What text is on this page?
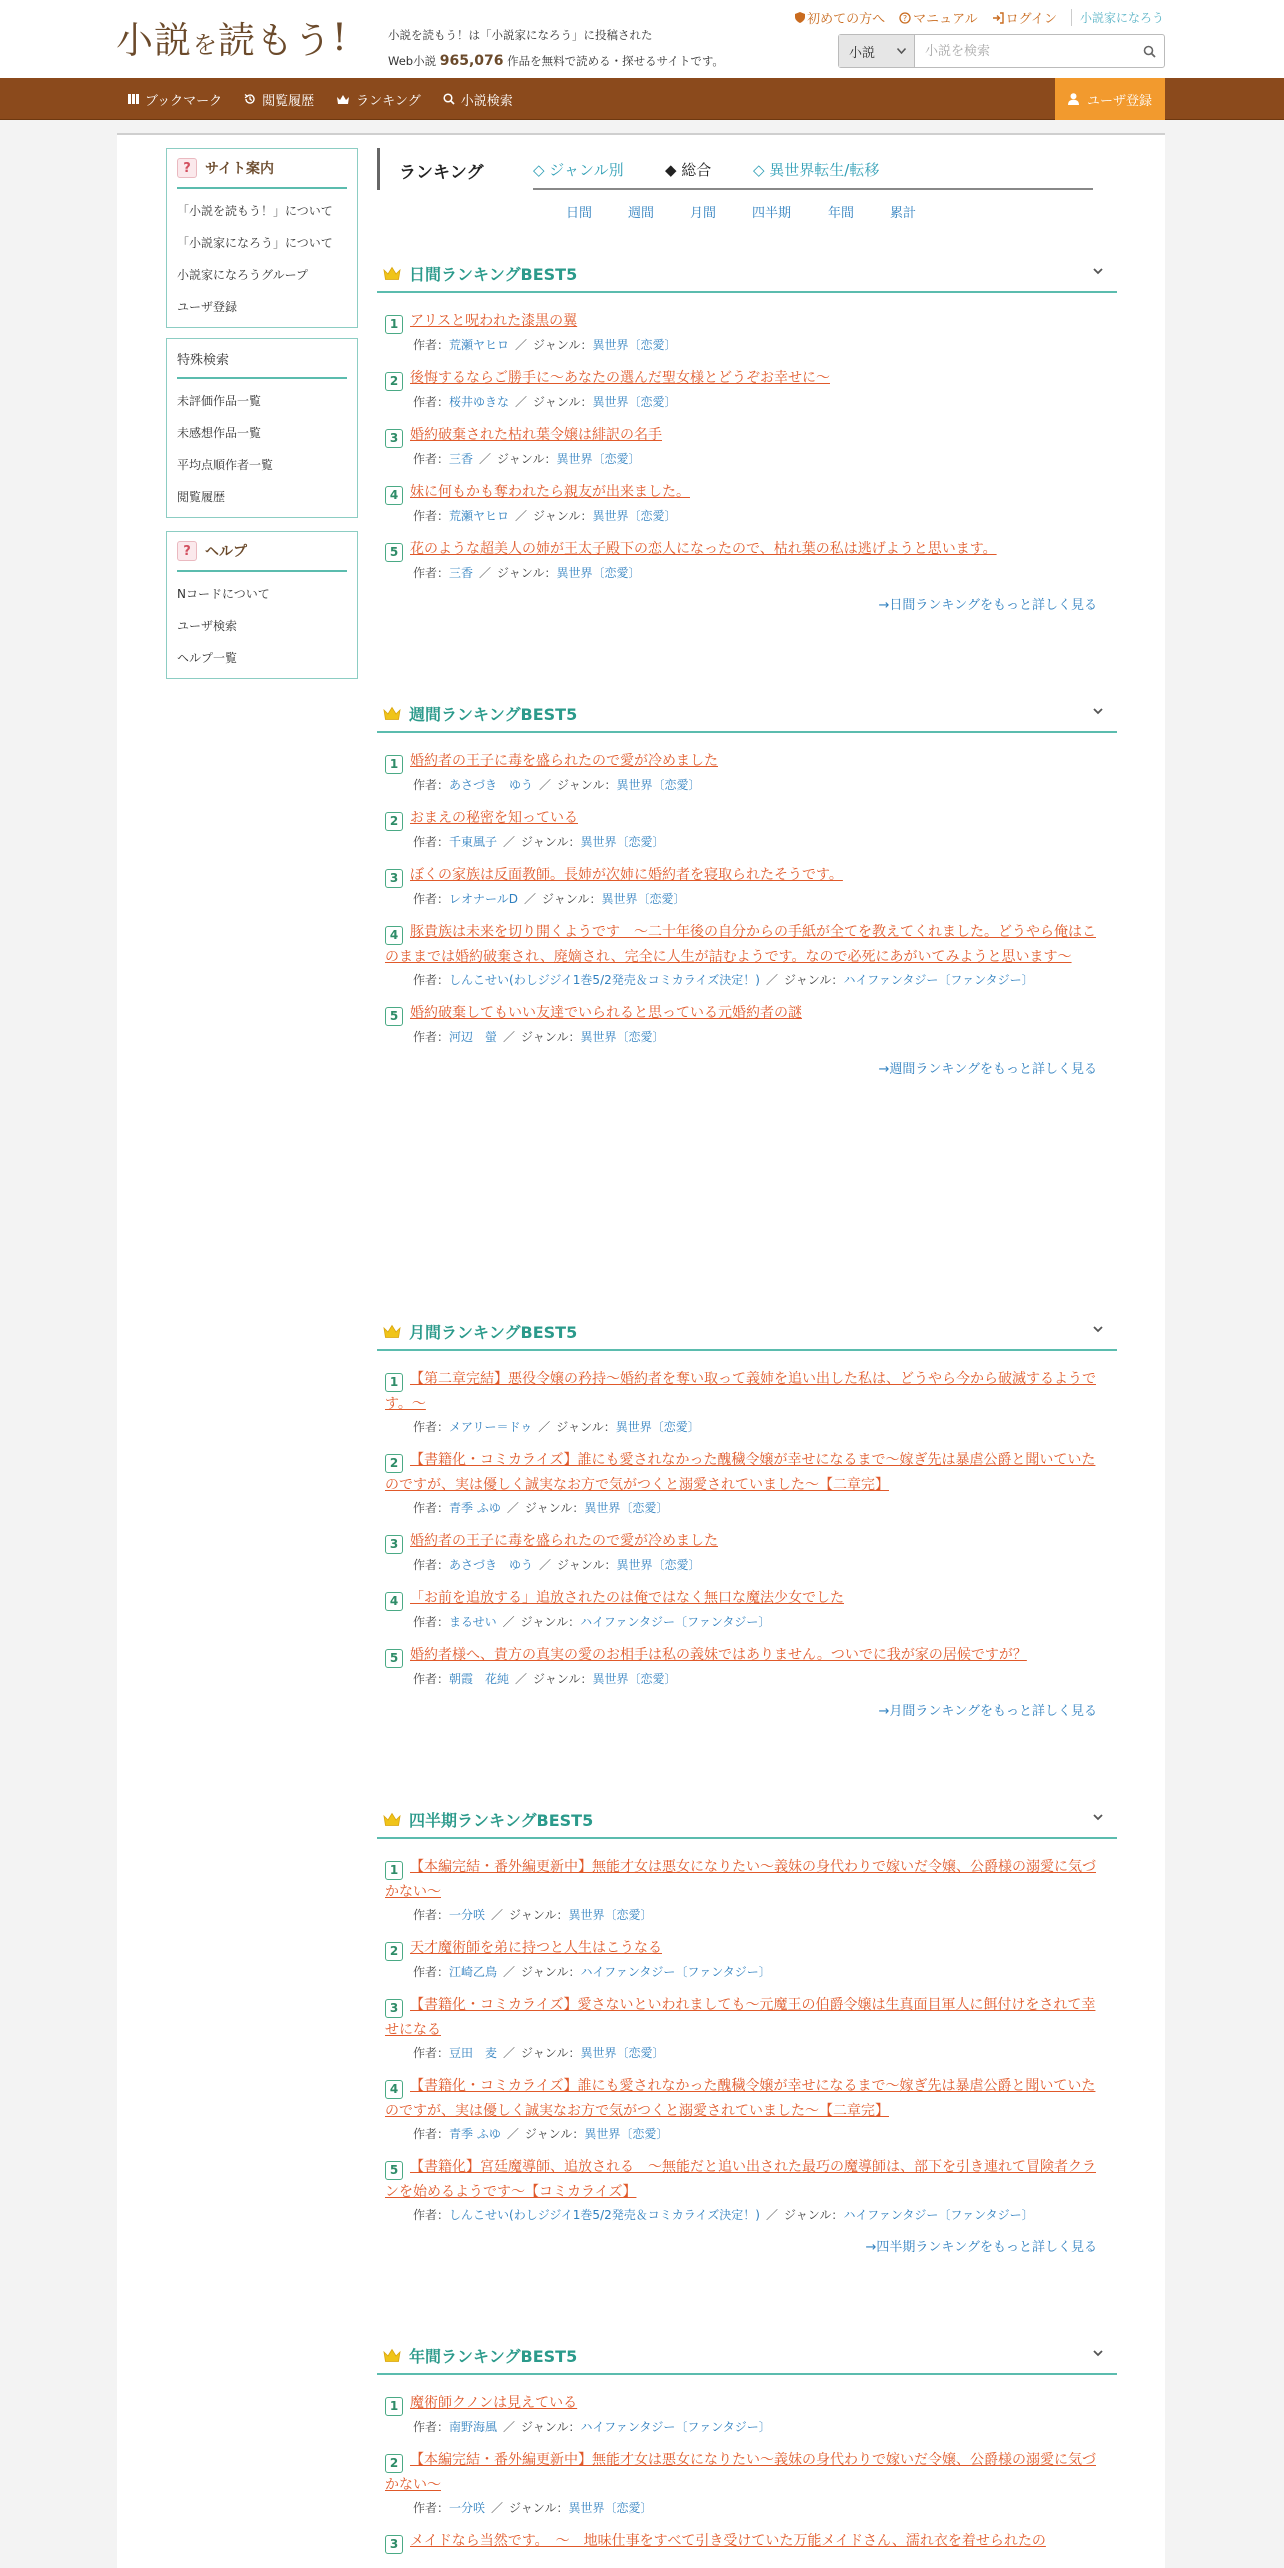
小説 を 読もう !	小説を読もう！は「小説家になろう」に投稿された
Web小説 965,076 作品を無料で読める・探せるサイトです。
初めての方へ ? マニュアル ログイン 小説家になろう
小説
小説を検索
ブックマーク	閲覧履歴	ランキング	小説検索	ユーザ登録
?	サイト案内
「小説を読もう！」について
「小説家になろう」について
小説家になろうグループ
ユーザ登録
特殊検索
未評価作品一覧
未感想作品一覧
平均点順作者一覧
閲覧履歴
?	ヘルプ
Nコードについて
ユーザ検索
ヘルプ一覧
ランキング	◇ ジャンル別	◆ 総合	◇ 異世界転生/転移
日間	週間	月間	四半期	年間	累計
日間ランキングBEST5
1 アリスと呪われた漆黒の翼
作者：荒瀬ヤヒロ ／ ジャンル：異世界〔恋愛〕
2 後悔するならご勝手に～あなたの選んだ聖女様とどうぞお幸せに～
作者：桜井ゆきな ／ ジャンル：異世界〔恋愛〕
3 婚約破棄された枯れ葉令嬢は緋訳の名手
作者：三香 ／ ジャンル：異世界〔恋愛〕
4 妹に何もかも奪われたら親友が出来ました。
作者：荒瀬ヤヒロ ／ ジャンル：異世界〔恋愛〕
5 花のような超美人の姉が王太子殿下の恋人になったので、枯れ葉の私は逃げようと思います。
作者：三香 ／ ジャンル：異世界〔恋愛〕
→日間ランキングをもっと詳しく見る
週間ランキングBEST5
1 婚約者の王子に毒を盛られたので愛が冷めました
作者：あさづき　ゆう ／ ジャンル：異世界〔恋愛〕
2 おまえの秘密を知っている
作者：千東風子 ／ ジャンル：異世界〔恋愛〕
3 ぼくの家族は反面教師。長姉が次姉に婚約者を寝取られたそうです。
作者：レオナールD ／ ジャンル：異世界〔恋愛〕
4 豚貴族は未来を切り開くようです　～二十年後の自分からの手紙が全てを教えてくれました。どうやら俺はこのままでは婚約破棄され、廃嫡され、完全に人生が詰むようです。なので必死にあがいてみようと思います～
作者：しんこせい(わしジジイ1巻5/2発売＆コミカライズ決定！) ／ ジャンル：ハイファンタジー〔ファンタジー〕
5 婚約破棄してもいい友達でいられると思っている元婚約者の謎
作者：河辺　螢 ／ ジャンル：異世界〔恋愛〕
→週間ランキングをもっと詳しく見る
月間ランキングBEST5
1 【第二章完結】悪役令嬢の矜持〜婚約者を奪い取って義姉を追い出した私は、どうやら今から破滅するようです。〜
作者：メアリー＝ドゥ ／ ジャンル：異世界〔恋愛〕
2 【書籍化・コミカライズ】誰にも愛されなかった醜穢令嬢が幸せになるまで〜嫁ぎ先は暴虐公爵と聞いていたのですが、実は優しく誠実なお方で気がつくと溺愛されていました〜【二章完】
作者：青季 ふゆ ／ ジャンル：異世界〔恋愛〕
3 婚約者の王子に毒を盛られたので愛が冷めました
作者：あさづき　ゆう ／ ジャンル：異世界〔恋愛〕
4 「お前を追放する」追放されたのは俺ではなく無口な魔法少女でした
作者：まるせい ／ ジャンル：ハイファンタジー〔ファンタジー〕
5 婚約者様へ、貴方の真実の愛のお相手は私の義妹ではありません。ついでに我が家の居候ですが？
作者：朝霞　花純 ／ ジャンル：異世界〔恋愛〕
→月間ランキングをもっと詳しく見る
四半期ランキングBEST5
1 【本編完結・番外編更新中】無能才女は悪女になりたい～義妹の身代わりで嫁いだ令嬢、公爵様の溺愛に気づかない～
作者：一分咲 ／ ジャンル：異世界〔恋愛〕
2 天才魔術師を弟に持つと人生はこうなる
作者：江崎乙鳥 ／ ジャンル：ハイファンタジー〔ファンタジー〕
3 【書籍化・コミカライズ】愛さないといわれましても～元魔王の伯爵令嬢は生真面目軍人に餌付けをされて幸せになる
作者：豆田　麦 ／ ジャンル：異世界〔恋愛〕
4 【書籍化・コミカライズ】誰にも愛されなかった醜穢令嬢が幸せになるまで〜嫁ぎ先は暴虐公爵と聞いていたのですが、実は優しく誠実なお方で気がつくと溺愛されていました〜【二章完】
作者：青季 ふゆ ／ ジャンル：異世界〔恋愛〕
5 【書籍化】宮廷魔導師、追放される　～無能だと追い出された最巧の魔導師は、部下を引き連れて冒険者クランを始めるようです～【コミカライズ】
作者：しんこせい(わしジジイ1巻5/2発売＆コミカライズ決定！) ／ ジャンル：ハイファンタジー〔ファンタジー〕
→四半期ランキングをもっと詳しく見る
年間ランキングBEST5
1 魔術師クノンは見えている
作者：南野海風 ／ ジャンル：ハイファンタジー〔ファンタジー〕
2 【本編完結・番外編更新中】無能才女は悪女になりたい～義妹の身代わりで嫁いだ令嬢、公爵様の溺愛に気づかない～
作者：一分咲 ／ ジャンル：異世界〔恋愛〕
3 メイドなら当然です。　～　地味仕事をすべて引き受けていた万能メイドさん、濡れ衣を着せられたの
